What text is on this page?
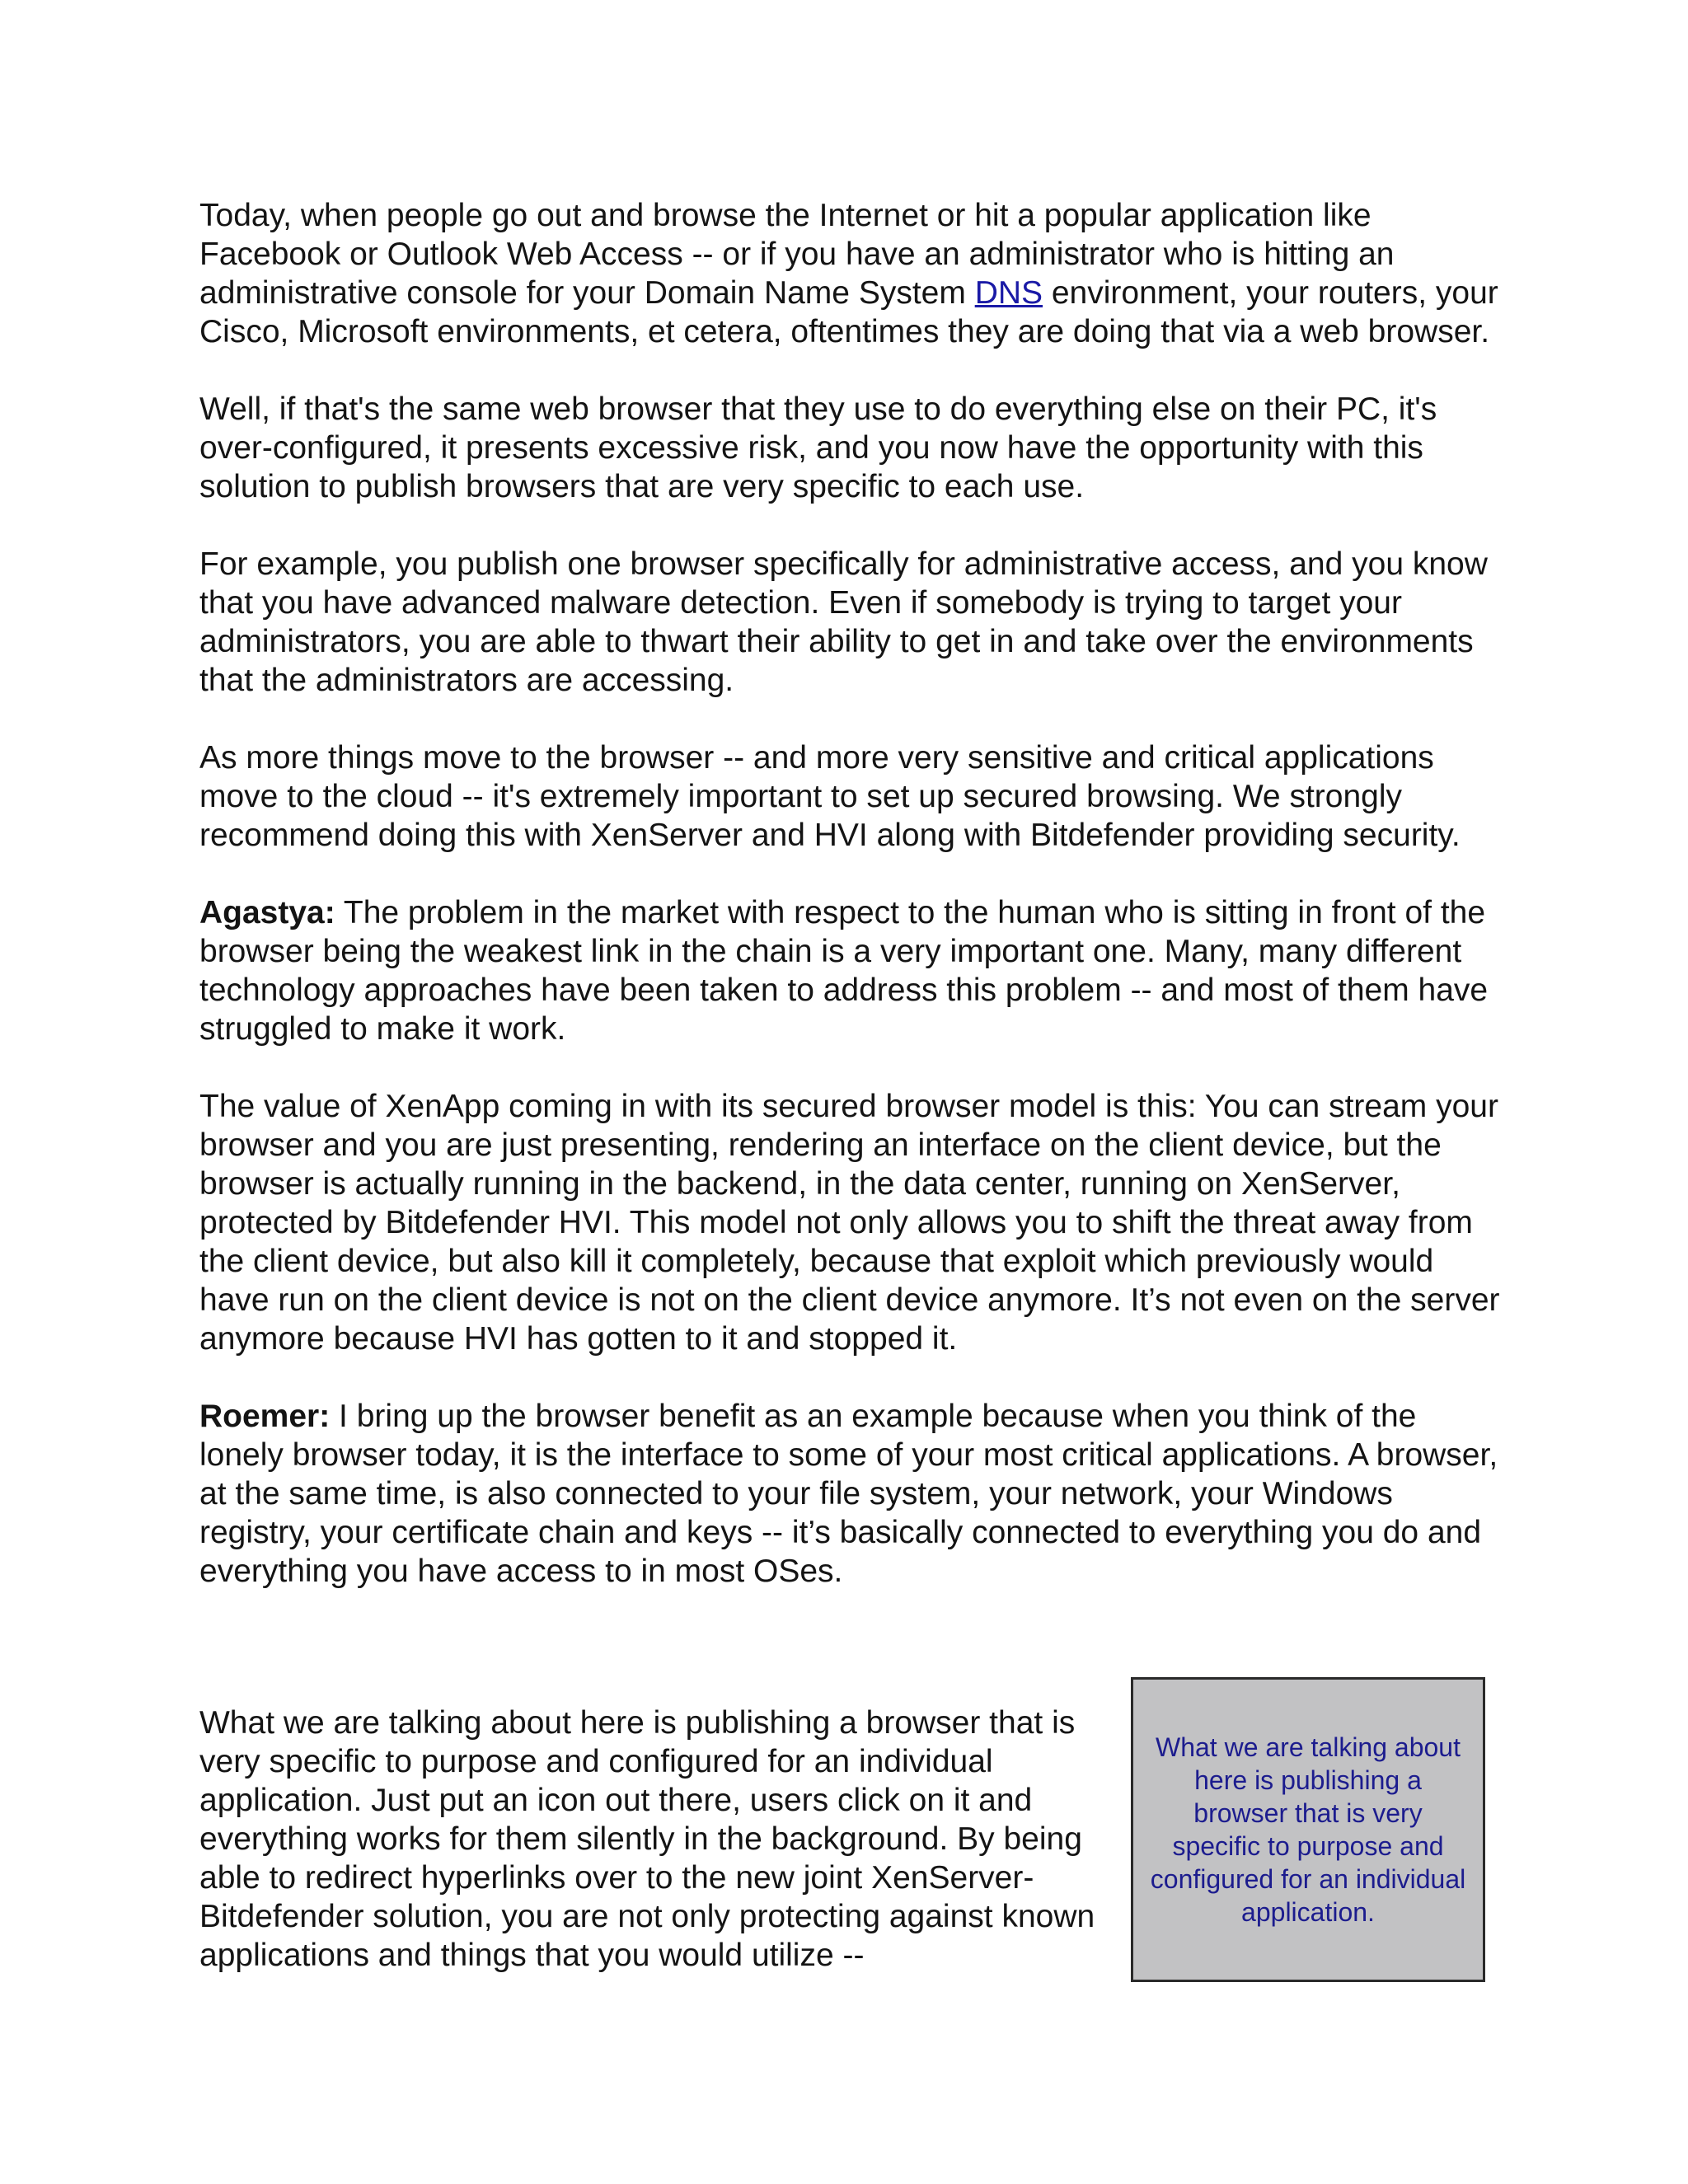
Today, when people go out and browse the Internet or hit a popular application like Facebook or Outlook Web Access -- or if you have an administrator who is hitting an administrative console for your Domain Name System DNS environment, your routers, your Cisco, Microsoft environments, et cetera, oftentimes they are doing that via a web browser.

Well, if that's the same web browser that they use to do everything else on their PC, it's over-configured, it presents excessive risk, and you now have the opportunity with this solution to publish browsers that are very specific to each use.

For example, you publish one browser specifically for administrative access, and you know that you have advanced malware detection. Even if somebody is trying to target your administrators, you are able to thwart their ability to get in and take over the environments that the administrators are accessing.

As more things move to the browser -- and more very sensitive and critical applications move to the cloud -- it's extremely important to set up secured browsing. We strongly recommend doing this with XenServer and HVI along with Bitdefender providing security.

Agastya: The problem in the market with respect to the human who is sitting in front of the browser being the weakest link in the chain is a very important one. Many, many different technology approaches have been taken to address this problem -- and most of them have struggled to make it work.

The value of XenApp coming in with its secured browser model is this: You can stream your browser and you are just presenting, rendering an interface on the client device, but the browser is actually running in the backend, in the data center, running on XenServer, protected by Bitdefender HVI. This model not only allows you to shift the threat away from the client device, but also kill it completely, because that exploit which previously would have run on the client device is not on the client device anymore. It’s not even on the server anymore because HVI has gotten to it and stopped it.

Roemer: I bring up the browser benefit as an example because when you think of the lonely browser today, it is the interface to some of your most critical applications. A browser, at the same time, is also connected to your file system, your network, your Windows registry, your certificate chain and keys -- it’s basically connected to everything you do and everything you have access to in most OSes.

What we are talking about here is publishing a browser that is very specific to purpose and configured for an individual application. Just put an icon out there, users click on it and everything works for them silently in the background. By being able to redirect hyperlinks over to the new joint XenServer-Bitdefender solution, you are not only protecting against known applications and things that you would utilize --

What we are talking about here is publishing a browser that is very specific to purpose and configured for an individual application.
